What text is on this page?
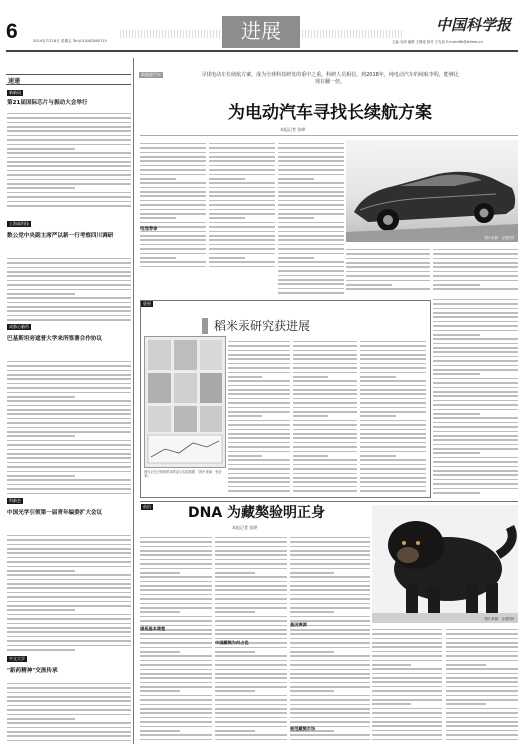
6	2014年7月18日 星期五 Tel:(010)62580715	进展	中国科学报
主编 毛明 编辑 王静雯 校对 王允伟 E-mail:dfb@stimes.cn
速递
新新局
第21届国际芯片与振动大会举行
上海高科技
数公党中央副主席严以新一行考察四川调研
成都心脑所
巴基斯坦旁遮普大学来所签署合作协议
科新会
中国光学引领第一届青年编委扩大会议
中文大学
"新药精神"交流传承
新能源汽车	寻找电动车长续航方案，成为全球科技研发的重中之重。科研人员相信，到2018年，纯电动汽车的续航李程，能够比现在翻一倍。
为电动汽车寻找长续航方案
本报记者 张晔
电池寿命
图片来源：百度图片
进展
稻米汞研究获进展
图为正在分析的稻米样品与实验数据 （图片来源：受访者）
前沿	DNA 为藏獒验明正身
本报记者 张晔
图片来源：百度图片
谱系基本清楚
中国藏獒为何占优
基因溯源
规范藏獒市场
